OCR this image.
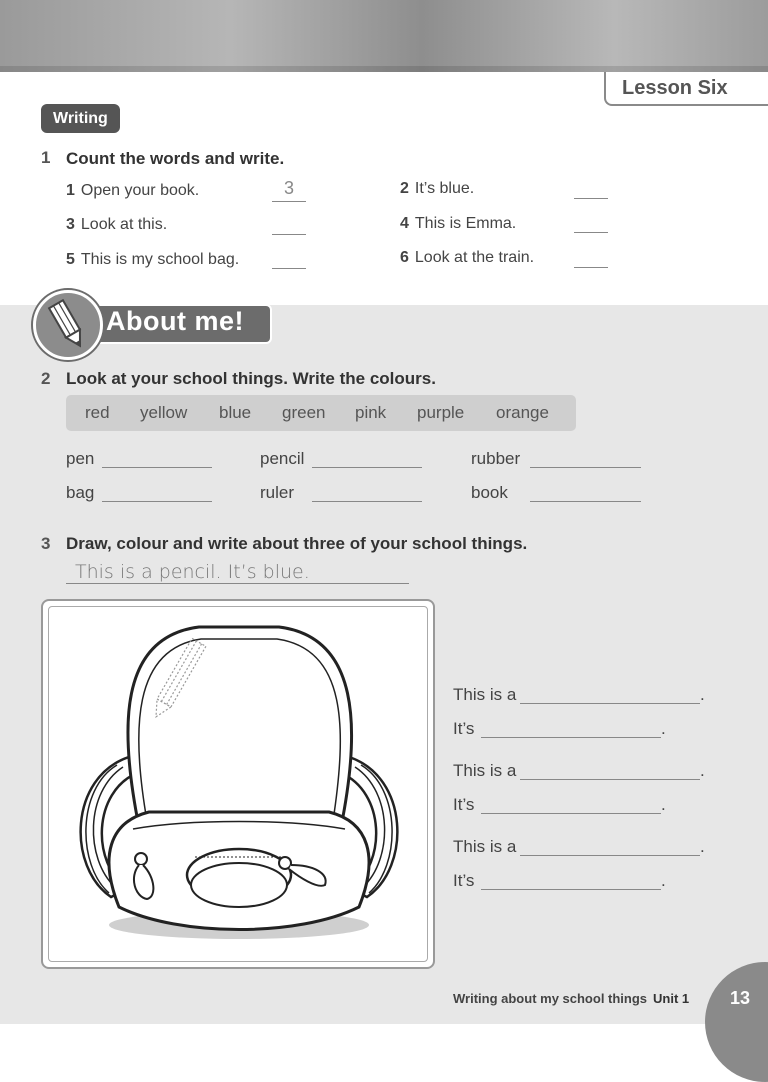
Lesson Six
Writing
1 Count the words and write.
1 Open your book.	3	2 It’s blue.
3 Look at this.	4 This is Emma.
5 This is my school bag.	6 Look at the train.
About me!
2 Look at your school things. Write the colours.
red yellow blue green pink purple orange
pen	pencil	rubber
bag	ruler	book
3 Draw, colour and write about three of your school things.
This is a pencil. It’s blue.
This is a	.
It’s	.
This is a	.
It’s	.
This is a	.
It’s	.
Writing about my school things Unit 1 13
